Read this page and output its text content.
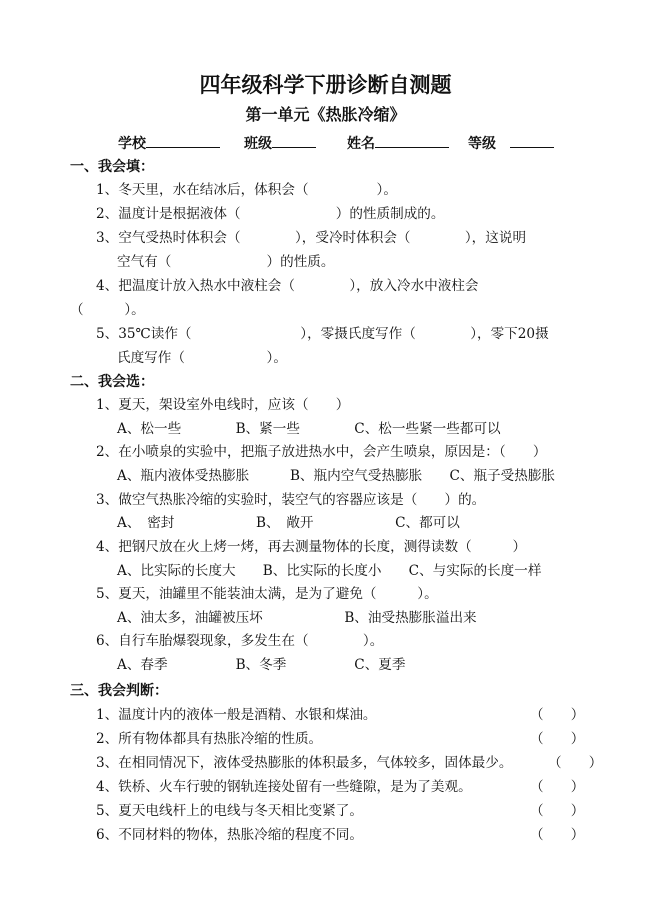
四年级科学下册诊断自测题
第一单元《热胀冷缩》
学校	班级	姓名	等级
一、我会填：
1、冬天里，水在结冰后，体积会（　　　　　）。
2、温度计是根据液体（　　　　　　　）的性质制成的。
3、空气受热时体积会（　　　　），受冷时体积会（　　　　），这说明
空气有（　　　　　　　）的性质。
4、把温度计放入热水中液柱会（　　　　），放入冷水中液柱会
（　　　）。
5、35℃读作（　　　　　　　　），零摄氏度写作（　　　　），零下20摄
氏度写作（　　　　　　）。
二、我会选：
1、夏天，架设室外电线时，应该（　　）
A、松一些　　　　B、紧一些　　　　C、松一些紧一些都可以
2、在小喷泉的实验中，把瓶子放进热水中，会产生喷泉，原因是：（　　）
A、瓶内液体受热膨胀　　　B、瓶内空气受热膨胀　　C、瓶子受热膨胀
3、做空气热胀冷缩的实验时，装空气的容器应该是（　　）的。
A、　密封　　　　　　B、　敞开　　　　　　C、都可以
4、把钢尺放在火上烤一烤，再去测量物体的长度，测得读数（　　　）
A、比实际的长度大　　B、比实际的长度小　　C、与实际的长度一样
5、夏天，油罐里不能装油太满，是为了避免（　　　）。
A、油太多，油罐被压坏　　　　　　B、油受热膨胀溢出来
6、自行车胎爆裂现象，多发生在（　　　　）。
A、春季　　　　　B、冬季　　　　　C、夏季
三、我会判断：
1、温度计内的液体一般是酒精、水银和煤油。	（　　）
2、所有物体都具有热胀冷缩的性质。	（　　）
3、在相同情况下，液体受热膨胀的体积最多，气体较多，固体最少。	（　　）
4、铁桥、火车行驶的钢轨连接处留有一些缝隙，是为了美观。	（　　）
5、夏天电线杆上的电线与冬天相比变紧了。	（　　）
6、不同材料的物体，热胀冷缩的程度不同。	（　　）
